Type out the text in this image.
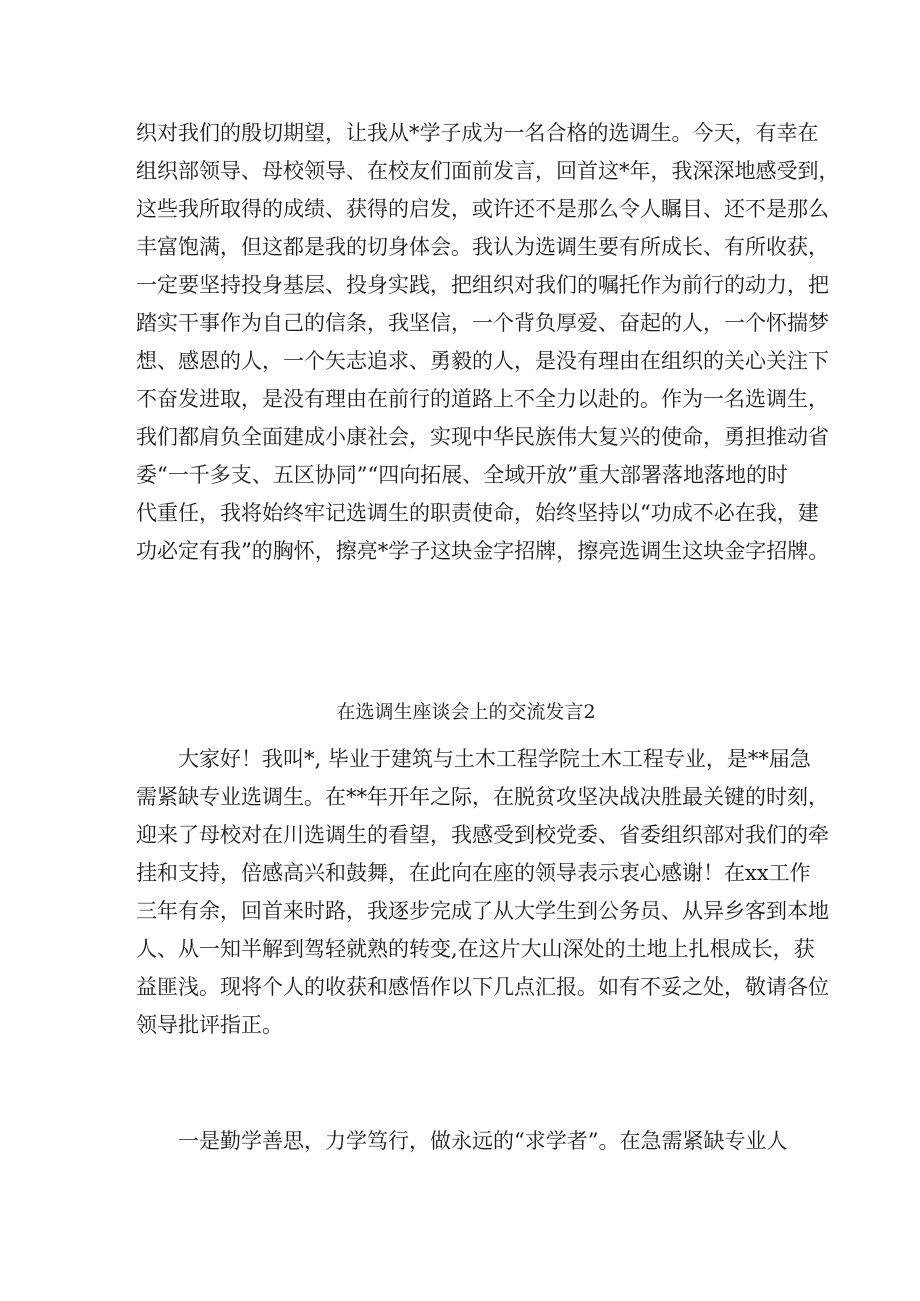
织对我们的殷切期望，让我从*学子成为一名合格的选调生。今天，有幸在
组织部领导、母校领导、在校友们面前发言，回首这*年，我深深地感受到，
这些我所取得的成绩、获得的启发，或许还不是那么令人瞩目、还不是那么
丰富饱满，但这都是我的切身体会。我认为选调生要有所成长、有所收获，
一定要坚持投身基层、投身实践，把组织对我们的嘱托作为前行的动力，把
踏实干事作为自己的信条，我坚信，一个背负厚爱、奋起的人，一个怀揣梦
想、感恩的人，一个矢志追求、勇毅的人，是没有理由在组织的关心关注下
不奋发进取，是没有理由在前行的道路上不全力以赴的。作为一名选调生，
我们都肩负全面建成小康社会，实现中华民族伟大复兴的使命，勇担推动省
委“一千多支、五区协同”“四向拓展、全域开放”重大部署落地落地的时
代重任，我将始终牢记选调生的职责使命，始终坚持以“功成不必在我，建
功必定有我”的胸怀，擦亮*学子这块金字招牌，擦亮选调生这块金字招牌。
在选调生座谈会上的交流发言2
大家好！我叫*, 毕业于建筑与土木工程学院土木工程专业，是**届急
需紧缺专业选调生。在**年开年之际，在脱贫攻坚决战决胜最关键的时刻，
迎来了母校对在川选调生的看望，我感受到校党委、省委组织部对我们的牵
挂和支持，倍感高兴和鼓舞，在此向在座的领导表示衷心感谢！在xx工作
三年有余，回首来时路，我逐步完成了从大学生到公务员、从异乡客到本地
人、从一知半解到驾轻就熟的转变,在这片大山深处的土地上扎根成长，获
益匪浅。现将个人的收获和感悟作以下几点汇报。如有不妥之处，敬请各位
领导批评指正。
一是勤学善思，力学笃行，做永远的“求学者”。在急需紧缺专业人
